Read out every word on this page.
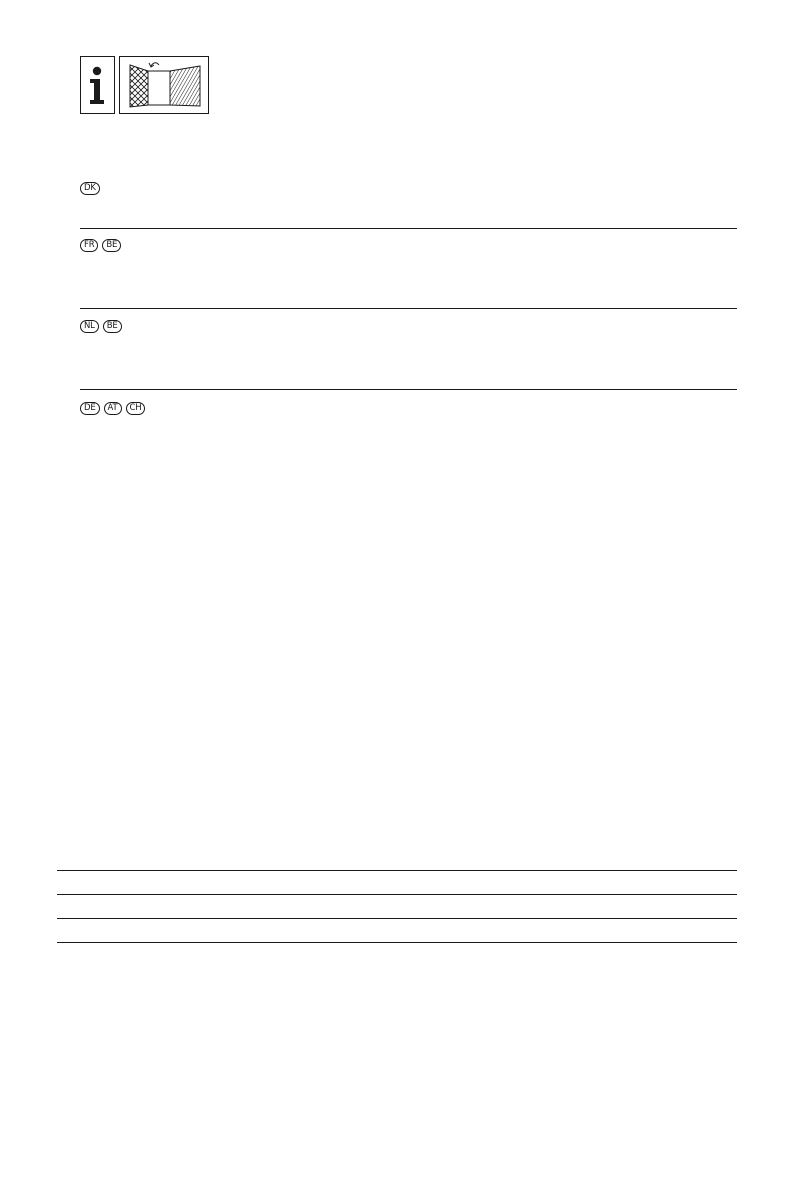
DK
FR	BE
NL	BE
DE	AT	CH
